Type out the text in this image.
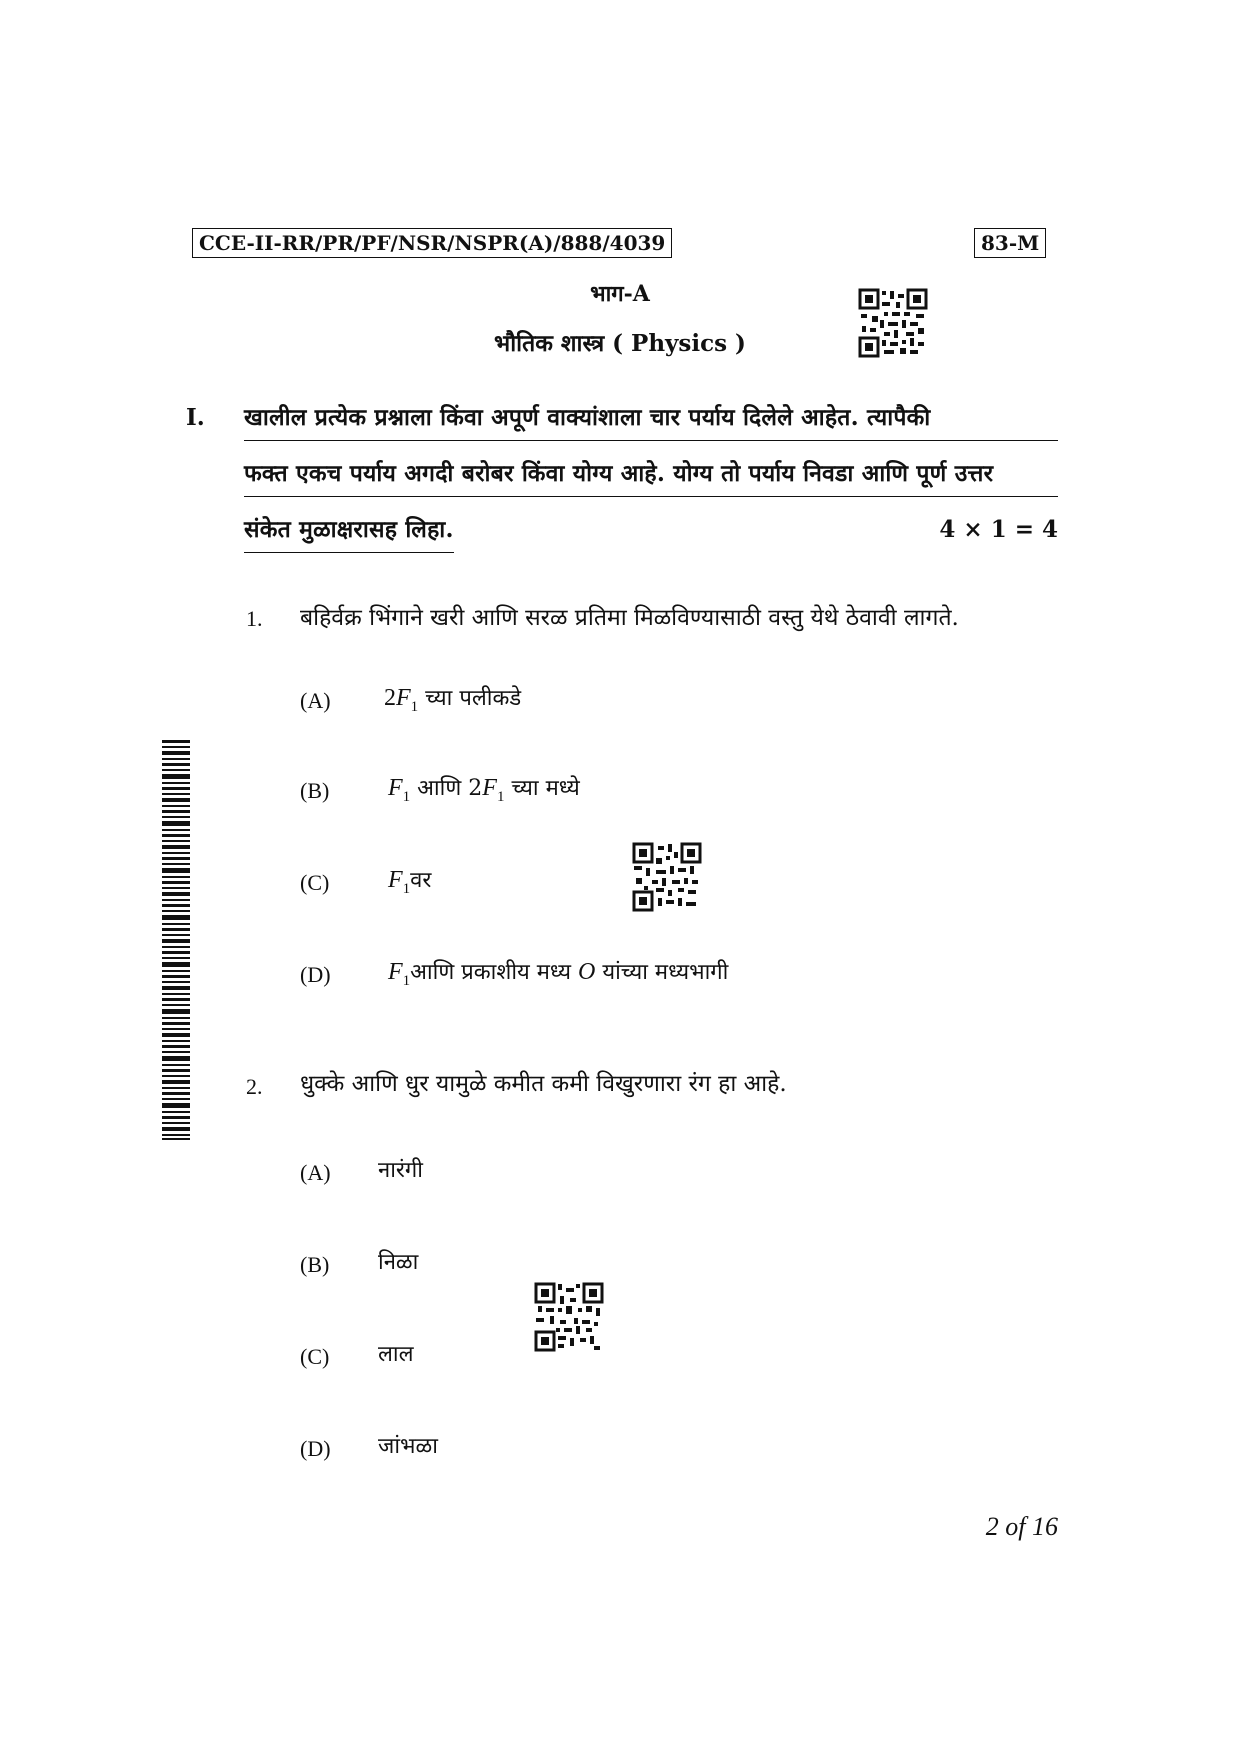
CCE-II-RR/PR/PF/NSR/NSPR(A)/888/4039	83-M
भाग-A
भौतिक शास्त्र ( Physics )
I. खालील प्रत्येक प्रश्नाला किंवा अपूर्ण वाक्यांशाला चार पर्याय दिलेले आहेत. त्यापैकी
फक्त एकच पर्याय अगदी बरोबर किंवा योग्य आहे. योग्य तो पर्याय निवडा आणि पूर्ण उत्तर
संकेत मुळाक्षरासह लिहा.	4 × 1 = 4
1. बहिर्वक्र भिंगाने खरी आणि सरळ प्रतिमा मिळविण्यासाठी वस्तु येथे ठेवावी लागते.
(A) $2F_1$ च्या पलीकडे
(B) $F_1$ आणि $2F_1$ च्या मध्ये
(C) $F_1वर$
(D) $F_1आणि$ प्रकाशीय मध्य O यांच्या मध्यभागी
2. धुक्के आणि धुर यामुळे कमीत कमी विखुरणारा रंग हा आहे.
(A) नारंगी
(B) निळा
(C) लाल
(D) जांभळा
2 of 16
